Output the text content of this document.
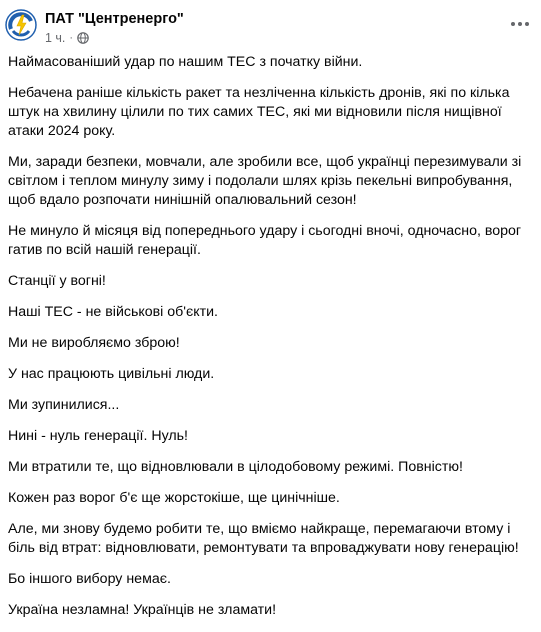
ПАТ "Центренерго"
1 ч. ·

Наймасованіший удар по нашим ТЕС з початку війни.

Небачена раніше кількість ракет та незліченна кількість дронів, які по кілька штук на хвилину цілили по тих самих ТЕС, які ми відновили після нищівної атаки 2024 року.

Ми, заради безпеки, мовчали, але зробили все, щоб українці перезимували зі світлом і теплом минулу зиму і подолали шлях крізь пекельні випробування, щоб вдало розпочати нинішній опалювальний сезон!

Не минуло й місяця від попереднього удару і сьогодні вночі, одночасно, ворог гатив по всій нашій генерації.

Станції у вогні!

Наші ТЕС - не військові об'єкти.

Ми не виробляємо зброю!

У нас працюють цивільні люди.

Ми зупинилися...

Нині - нуль генерації. Нуль!

Ми втратили те, що відновлювали в цілодобовому режимі. Повністю!

Кожен раз ворог б'є ще жорстокіше, ще цинічніше.

Але, ми знову будемо робити те, що вміємо найкраще, перемагаючи втому і біль від втрат: відновлювати, ремонтувати та впроваджувати нову генерацію!

Бо іншого вибору немає.

Україна незламна! Українців не зламати!
